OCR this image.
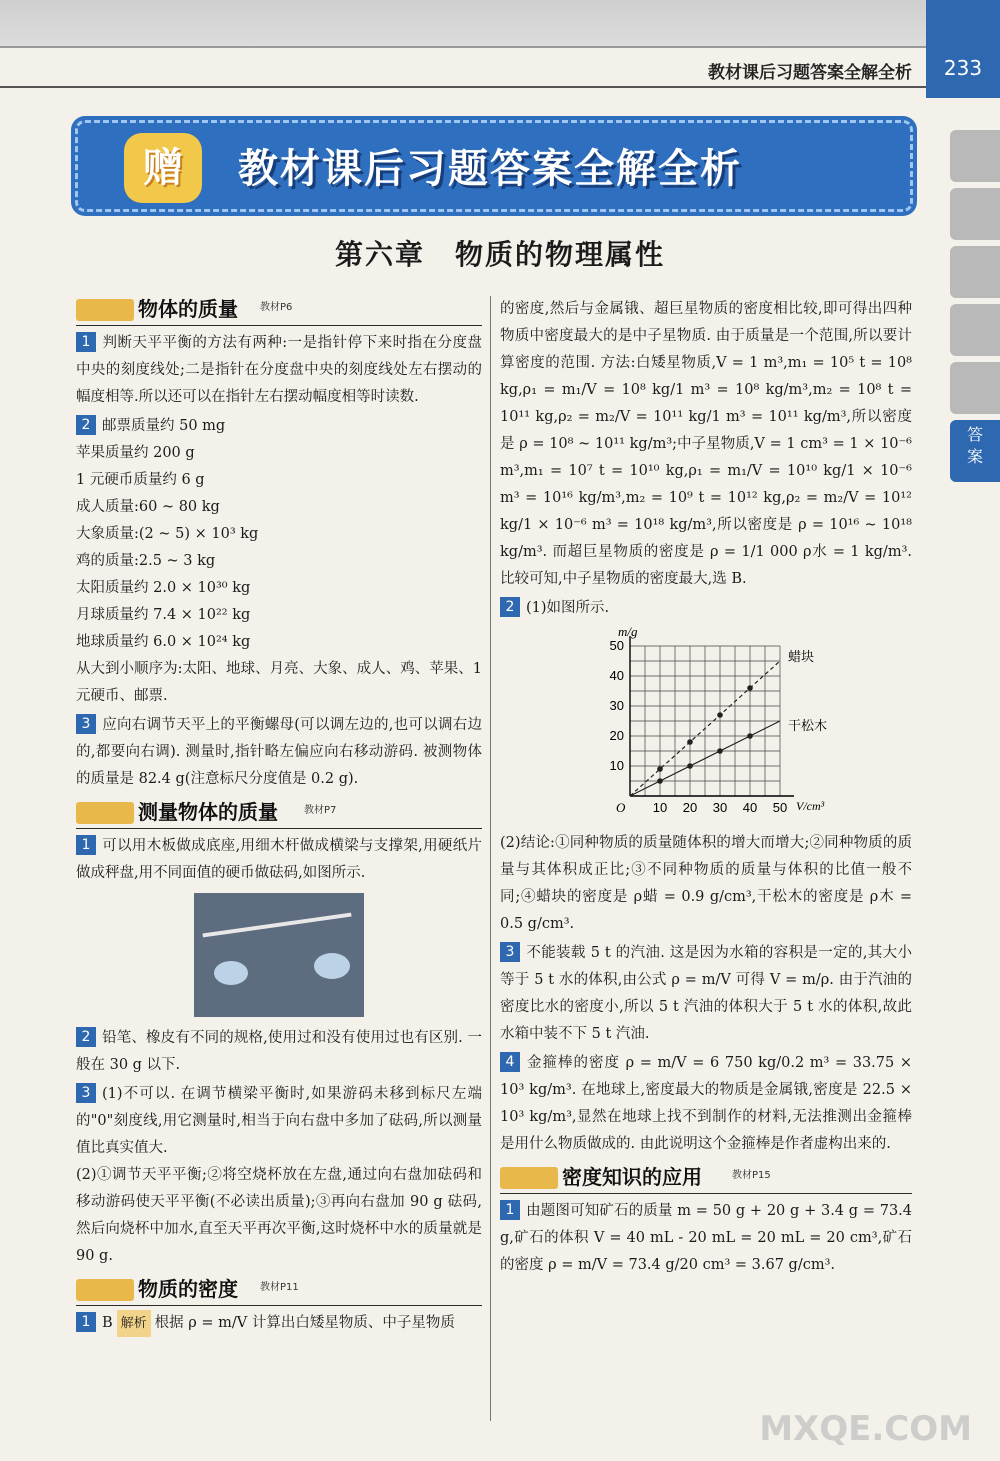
教材课后习题答案全解全析	233
答
案
赠	教材课后习题答案全解全析
第六章　物质的物理属性
物体的质量 教材P6

1 判断天平平衡的方法有两种:一是指针停下来时指在分度盘中央的刻度线处;二是指针在分度盘中央的刻度线处左右摆动的幅度相等.所以还可以在指针左右摆动幅度相等时读数.

2 邮票质量约 50 mg

苹果质量约 200 g

1 元硬币质量约 6 g

成人质量:60 ~ 80 kg

大象质量:(2 ~ 5) × 10³ kg

鸡的质量:2.5 ~ 3 kg

太阳质量约 2.0 × 10³⁰ kg

月球质量约 7.4 × 10²² kg

地球质量约 6.0 × 10²⁴ kg

从大到小顺序为:太阳、地球、月亮、大象、成人、鸡、苹果、1 元硬币、邮票.

3 应向右调节天平上的平衡螺母(可以调左边的,也可以调右边的,都要向右调). 测量时,指针略左偏应向右移动游码. 被测物体的质量是 82.4 g(注意标尺分度值是 0.2 g).

测量物体的质量	教材P7

1 可以用木板做成底座,用细木杆做成横梁与支撑架,用硬纸片做成秤盘,用不同面值的硬币做砝码,如图所示.

2 铅笔、橡皮有不同的规格,使用过和没有使用过也有区别. 一般在 30 g 以下.

3 (1)不可以. 在调节横梁平衡时,如果游码未移到标尺左端的"0"刻度线,用它测量时,相当于向右盘中多加了砝码,所以测量值比真实值大.

(2)①调节天平平衡;②将空烧杯放在左盘,通过向右盘加砝码和移动游码使天平平衡(不必读出质量);③再向右盘加 90 g 砝码,然后向烧杯中加水,直至天平再次平衡,这时烧杯中水的质量就是 90 g.

物质的密度 教材P11

1 B 解析 根据 ρ = m/V 计算出白矮星物质、中子星物质

的密度,然后与金属锇、超巨星物质的密度相比较,即可得出四种物质中密度最大的是中子星物质. 由于质量是一个范围,所以要计算密度的范围. 方法:白矮星物质,V = 1 m³,m₁ = 10⁵ t = 10⁸ kg,ρ₁ = m₁/V = 10⁸ kg/1 m³ = 10⁸ kg/m³,m₂ = 10⁸ t = 10¹¹ kg,ρ₂ = m₂/V = 10¹¹ kg/1 m³ = 10¹¹ kg/m³,所以密度是 ρ = 10⁸ ~ 10¹¹ kg/m³;中子星物质,V = 1 cm³ = 1 × 10⁻⁶ m³,m₁ = 10⁷ t = 10¹⁰ kg,ρ₁ = m₁/V = 10¹⁰ kg/1 × 10⁻⁶ m³ = 10¹⁶ kg/m³,m₂ = 10⁹ t = 10¹² kg,ρ₂ = m₂/V = 10¹² kg/1 × 10⁻⁶ m³ = 10¹⁸ kg/m³,所以密度是 ρ = 10¹⁶ ~ 10¹⁸ kg/m³. 而超巨星物质的密度是 ρ = 1/1 000 ρ水 = 1 kg/m³. 比较可知,中子星物质的密度最大,选 B.

2 (1)如图所示.

10 20 30 40 50
10
20
30
40
50
O
m/g
V/cm³
蜡块
干松木

(2)结论:①同种物质的质量随体积的增大而增大;②同种物质的质量与其体积成正比;③不同种物质的质量与体积的比值一般不同;④蜡块的密度是 ρ蜡 = 0.9 g/cm³,干松木的密度是 ρ木 = 0.5 g/cm³.

3 不能装载 5 t 的汽油. 这是因为水箱的容积是一定的,其大小等于 5 t 水的体积,由公式 ρ = m/V 可得 V = m/ρ. 由于汽油的密度比水的密度小,所以 5 t 汽油的体积大于 5 t 水的体积,故此水箱中装不下 5 t 汽油.

4 金箍棒的密度 ρ = m/V = 6 750 kg/0.2 m³ = 33.75 × 10³ kg/m³. 在地球上,密度最大的物质是金属锇,密度是 22.5 × 10³ kg/m³,显然在地球上找不到制作的材料,无法推测出金箍棒是用什么物质做成的. 由此说明这个金箍棒是作者虚构出来的.

密度知识的应用	教材P15

1 由题图可知矿石的质量 m = 50 g + 20 g + 3.4 g = 73.4 g,矿石的体积 V = 40 mL - 20 mL = 20 mL = 20 cm³,矿石的密度 ρ = m/V = 73.4 g/20 cm³ = 3.67 g/cm³.

MXQE.COM
